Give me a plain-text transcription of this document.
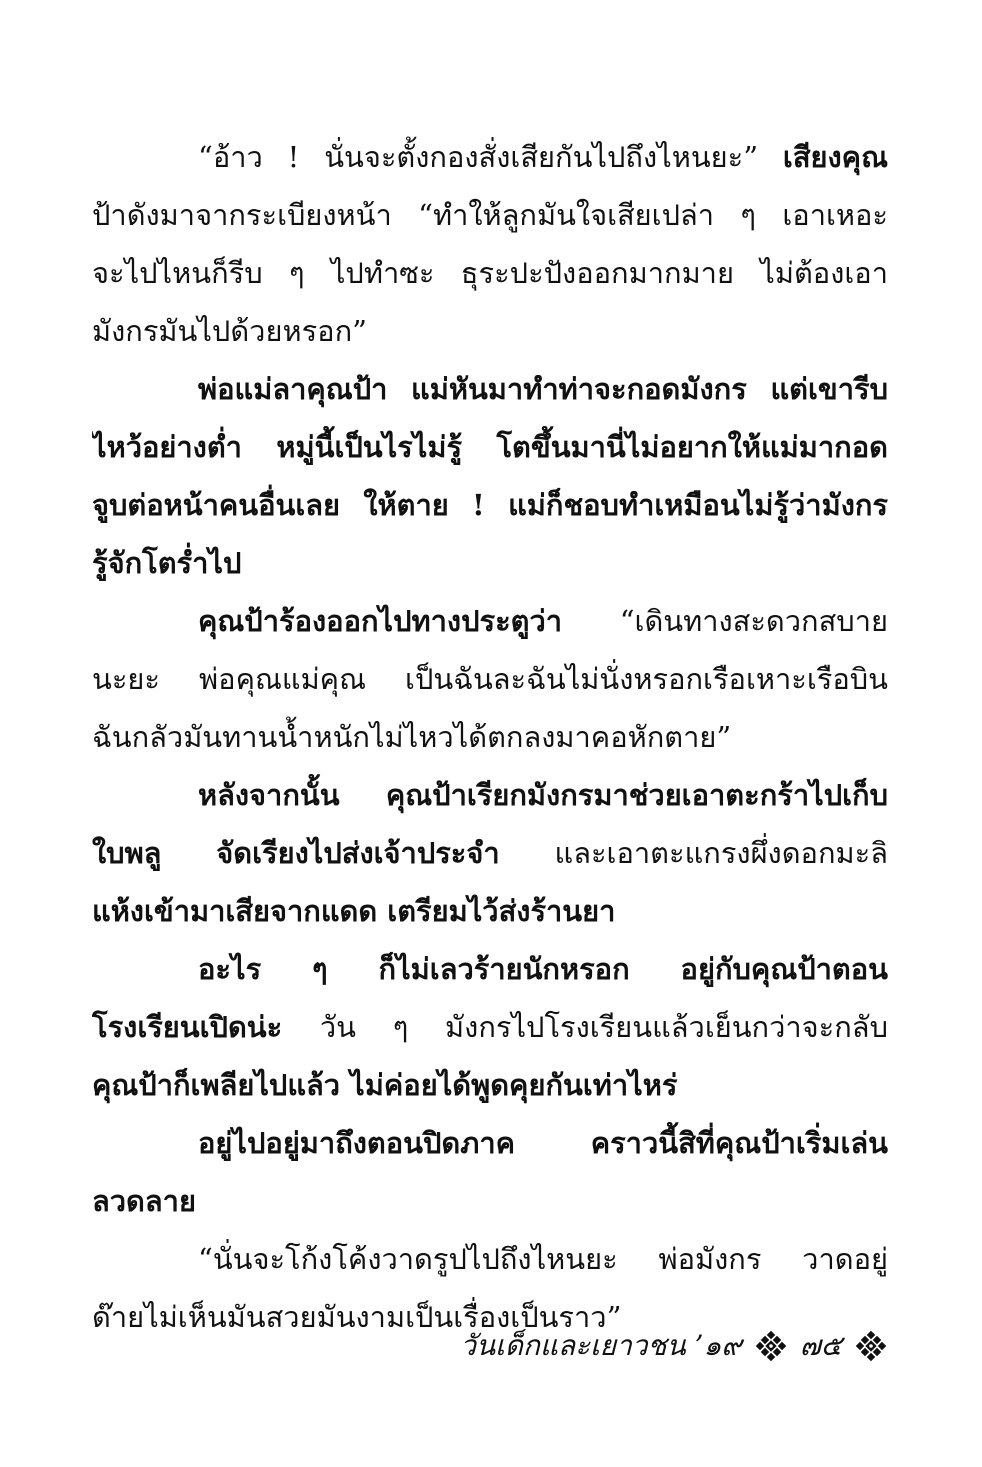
“อ้าว ! นั่นจะตั้งกองสั่งเสียกันไปถึงไหนยะ” เสียงคุณ
ป้าดังมาจากระเบียงหน้า “ทำให้ลูกมันใจเสียเปล่า ๆ เอาเหอะ
จะไปไหนก็รีบ ๆ ไปทำซะ ธุระปะปังออกมากมาย ไม่ต้องเอา
มังกรมันไปด้วยหรอก”
พ่อแม่ลาคุณป้า แม่หันมาทำท่าจะกอดมังกร แต่เขารีบ
ไหว้อย่างต่ำ หมู่นี้เป็นไรไม่รู้ โตขึ้นมานี่ไม่อยากให้แม่มากอด
จูบต่อหน้าคนอื่นเลย ให้ตาย ! แม่ก็ชอบทำเหมือนไม่รู้ว่ามังกร
รู้จักโตร่ำไป
คุณป้าร้องออกไปทางประตูว่า “เดินทางสะดวกสบาย
นะยะ พ่อคุณแม่คุณ เป็นฉันละฉันไม่นั่งหรอกเรือเหาะเรือบิน
ฉันกลัวมันทานน้ำหนักไม่ไหวได้ตกลงมาคอหักตาย”
หลังจากนั้น คุณป้าเรียกมังกรมาช่วยเอาตะกร้าไปเก็บ
ใบพลู จัดเรียงไปส่งเจ้าประจำ และเอาตะแกรงผึ่งดอกมะลิ
แห้งเข้ามาเสียจากแดด เตรียมไว้ส่งร้านยา
อะไร ๆ ก็ไม่เลวร้ายนักหรอก อยู่กับคุณป้าตอน
โรงเรียนเปิดน่ะ วัน ๆ มังกรไปโรงเรียนแล้วเย็นกว่าจะกลับ
คุณป้าก็เพลียไปแล้ว ไม่ค่อยได้พูดคุยกันเท่าไหร่
อยู่ไปอยู่มาถึงตอนปิดภาค คราวนี้สิที่คุณป้าเริ่มเล่น
ลวดลาย
“นั่นจะโก้งโค้งวาดรูปไปถึงไหนยะ พ่อมังกร วาดอยู่
ด๊ายไม่เห็นมันสวยมันงามเป็นเรื่องเป็นราว”
วันเด็กและเยาวชน ’๑๙ ๗๕
